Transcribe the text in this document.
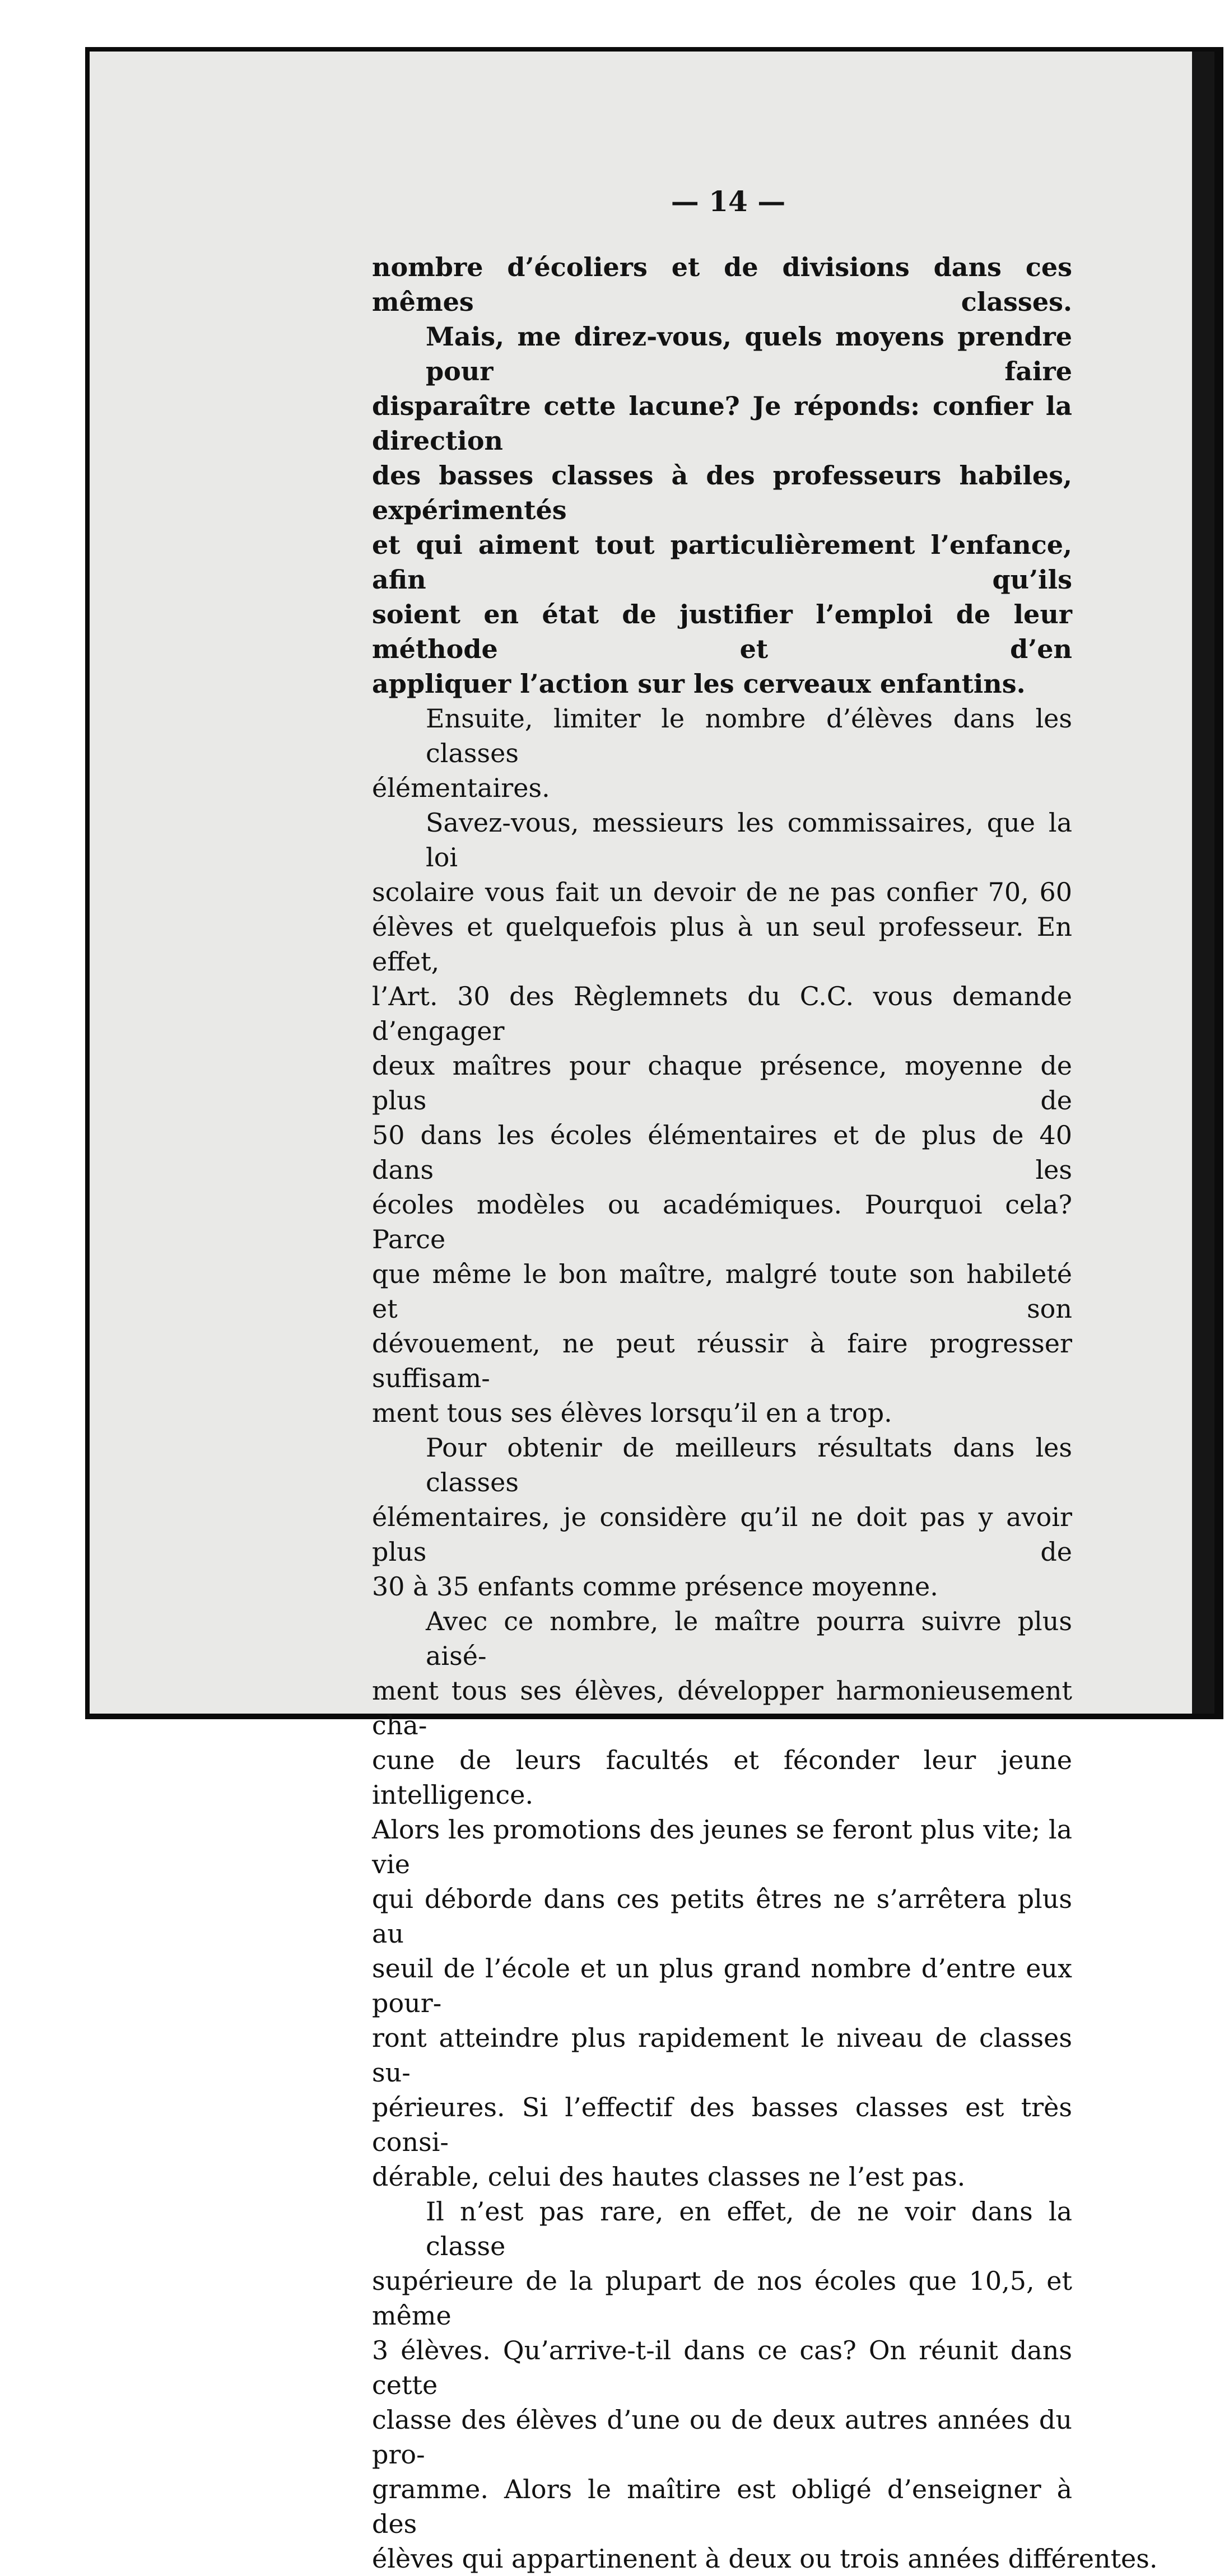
— 14 —
nombre d’écoliers et de divisions dans ces mêmes classes.
Mais, me direz-vous, quels moyens prendre pour faire
disparaître cette lacune? Je réponds: confier la direction
des basses classes à des professeurs habiles, expérimentés
et qui aiment tout particulièrement l’enfance, afin qu’ils
soient en état de justifier l’emploi de leur méthode et d’en
appliquer l’action sur les cerveaux enfantins.
Ensuite, limiter le nombre d’élèves dans les classes
élémentaires.
Savez-vous, messieurs les commissaires, que la loi
scolaire vous fait un devoir de ne pas confier 70, 60
élèves et quelquefois plus à un seul professeur. En effet,
l’Art. 30 des Règlemnets du C.C. vous demande d’engager
deux maîtres pour chaque présence, moyenne de plus de
50 dans les écoles élémentaires et de plus de 40 dans les
écoles modèles ou académiques. Pourquoi cela? Parce
que même le bon maître, malgré toute son habileté et son
dévouement, ne peut réussir à faire progresser suffisam-
ment tous ses élèves lorsqu’il en a trop.
Pour obtenir de meilleurs résultats dans les classes
élémentaires, je considère qu’il ne doit pas y avoir plus de
30 à 35 enfants comme présence moyenne.
Avec ce nombre, le maître pourra suivre plus aisé-
ment tous ses élèves, développer harmonieusement cha-
cune de leurs facultés et féconder leur jeune intelligence.
Alors les promotions des jeunes se feront plus vite; la vie
qui déborde dans ces petits êtres ne s’arrêtera plus au
seuil de l’école et un plus grand nombre d’entre eux pour-
ront atteindre plus rapidement le niveau de classes su-
périeures. Si l’effectif des basses classes est très consi-
dérable, celui des hautes classes ne l’est pas.
Il n’est pas rare, en effet, de ne voir dans la classe
supérieure de la plupart de nos écoles que 10,5, et même
3 élèves. Qu’arrive-t-il dans ce cas? On réunit dans cette
classe des élèves d’une ou de deux autres années du pro-
gramme. Alors le maîtire est obligé d’enseigner à des
élèves qui appartinenent à deux ou trois années différentes.
